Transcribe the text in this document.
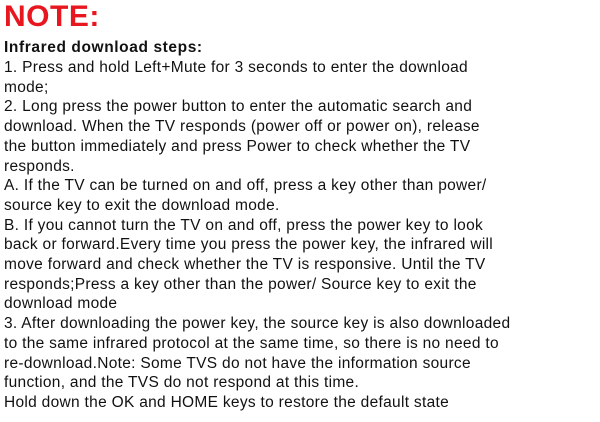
NOTE:
Infrared download steps:
1. Press and hold Left+Mute for 3 seconds to enter the download
mode;
2. Long press the power button to enter the automatic search and
download. When the TV responds (power off or power on), release
the button immediately and press Power to check whether the TV
responds.
A. If the TV can be turned on and off, press a key other than power/
source key to exit the download mode.
B. If you cannot turn the TV on and off, press the power key to look
back or forward.Every time you press the power key, the infrared will
move forward and check whether the TV is responsive. Until the TV
responds;Press a key other than the power/ Source key to exit the
download mode
3. After downloading the power key, the source key is also downloaded
to the same infrared protocol at the same time, so there is no need to
re-download.Note: Some TVS do not have the information source
function, and the TVS do not respond at this time.
Hold down the OK and HOME keys to restore the default state
